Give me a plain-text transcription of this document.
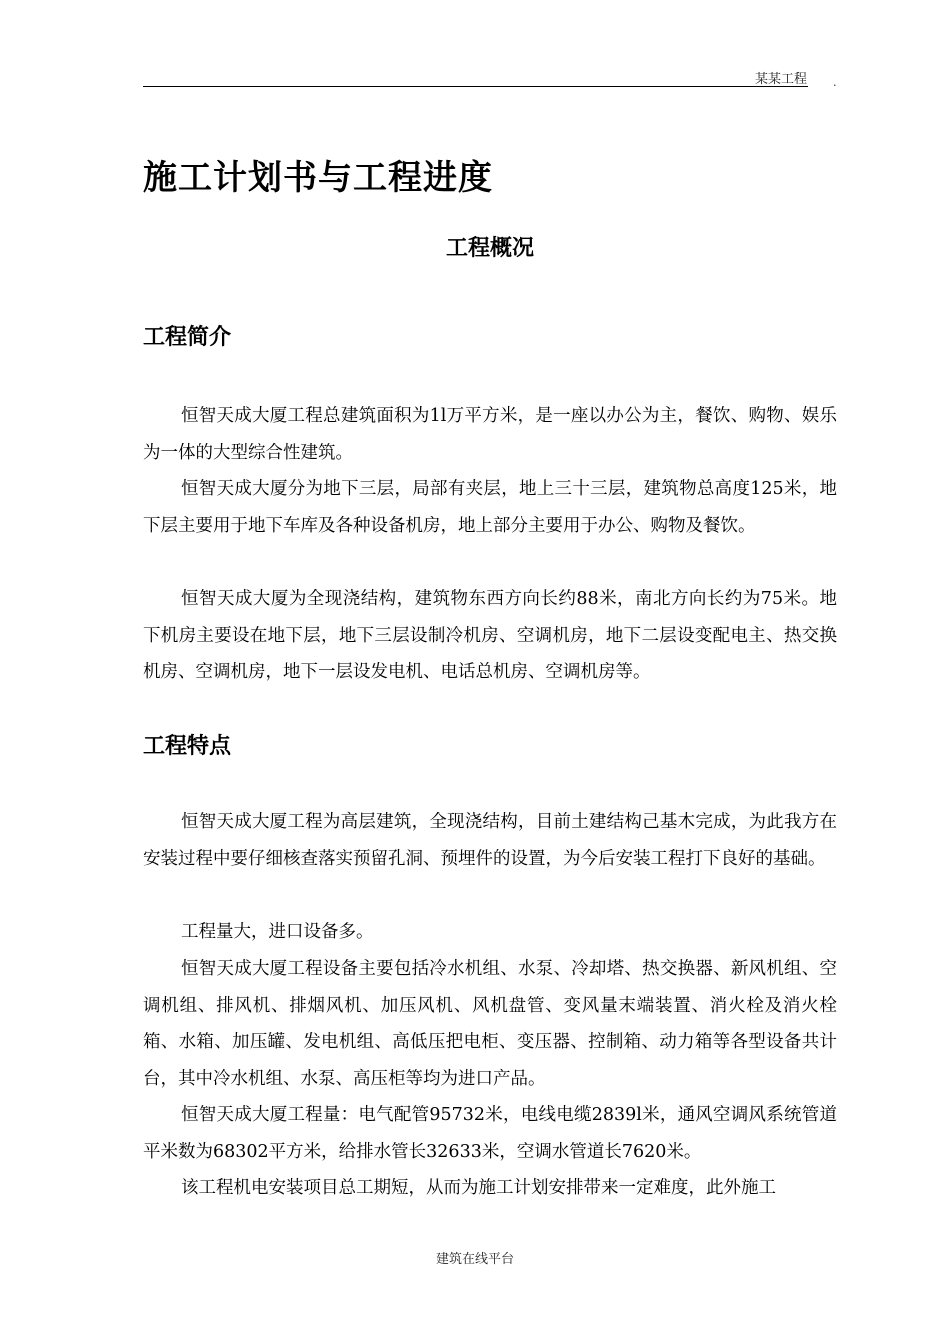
某某工程 .
施工计划书与工程进度
工程概况
工程简介

恒智天成大厦工程总建筑面积为1l万平方米，是一座以办公为主，餐饮、购物、娱乐为一体的大型综合性建筑。

恒智天成大厦分为地下三层，局部有夹层，地上三十三层，建筑物总高度125米，地下层主要用于地下车库及各种设备机房，地上部分主要用于办公、购物及餐饮。

恒智天成大厦为全现浇结构，建筑物东西方向长约88米，南北方向长约为75米。地下机房主要设在地下层，地下三层设制冷机房、空调机房，地下二层设变配电主、热交换机房、空调机房，地下一层设发电机、电话总机房、空调机房等。

工程特点

恒智天成大厦工程为高层建筑，全现浇结构，目前土建结构己基木完成，为此我方在安装过程中要仔细核查落实预留孔洞、预埋件的设置，为今后安装工程打下良好的基础。

工程量大，进口设备多。

恒智天成大厦工程设备主要包括冷水机组、水泵、冷却塔、热交换器、新风机组、空调机组、排风机、排烟风机、加压风机、风机盘管、变风量末端装置、消火栓及消火栓箱、水箱、加压罐、发电机组、高低压把电柜、变压器、控制箱、动力箱等各型设备共计台，其中冷水机组、水泵、高压柜等均为进口产品。

恒智天成大厦工程量：电气配管95732米，电线电缆2839l米，通风空调风系统管道平米数为68302平方米，给排水管长32633米，空调水管道长7620米。

该工程机电安装项目总工期短，从而为施工计划安排带来一定难度，此外施工

建筑在线平台
